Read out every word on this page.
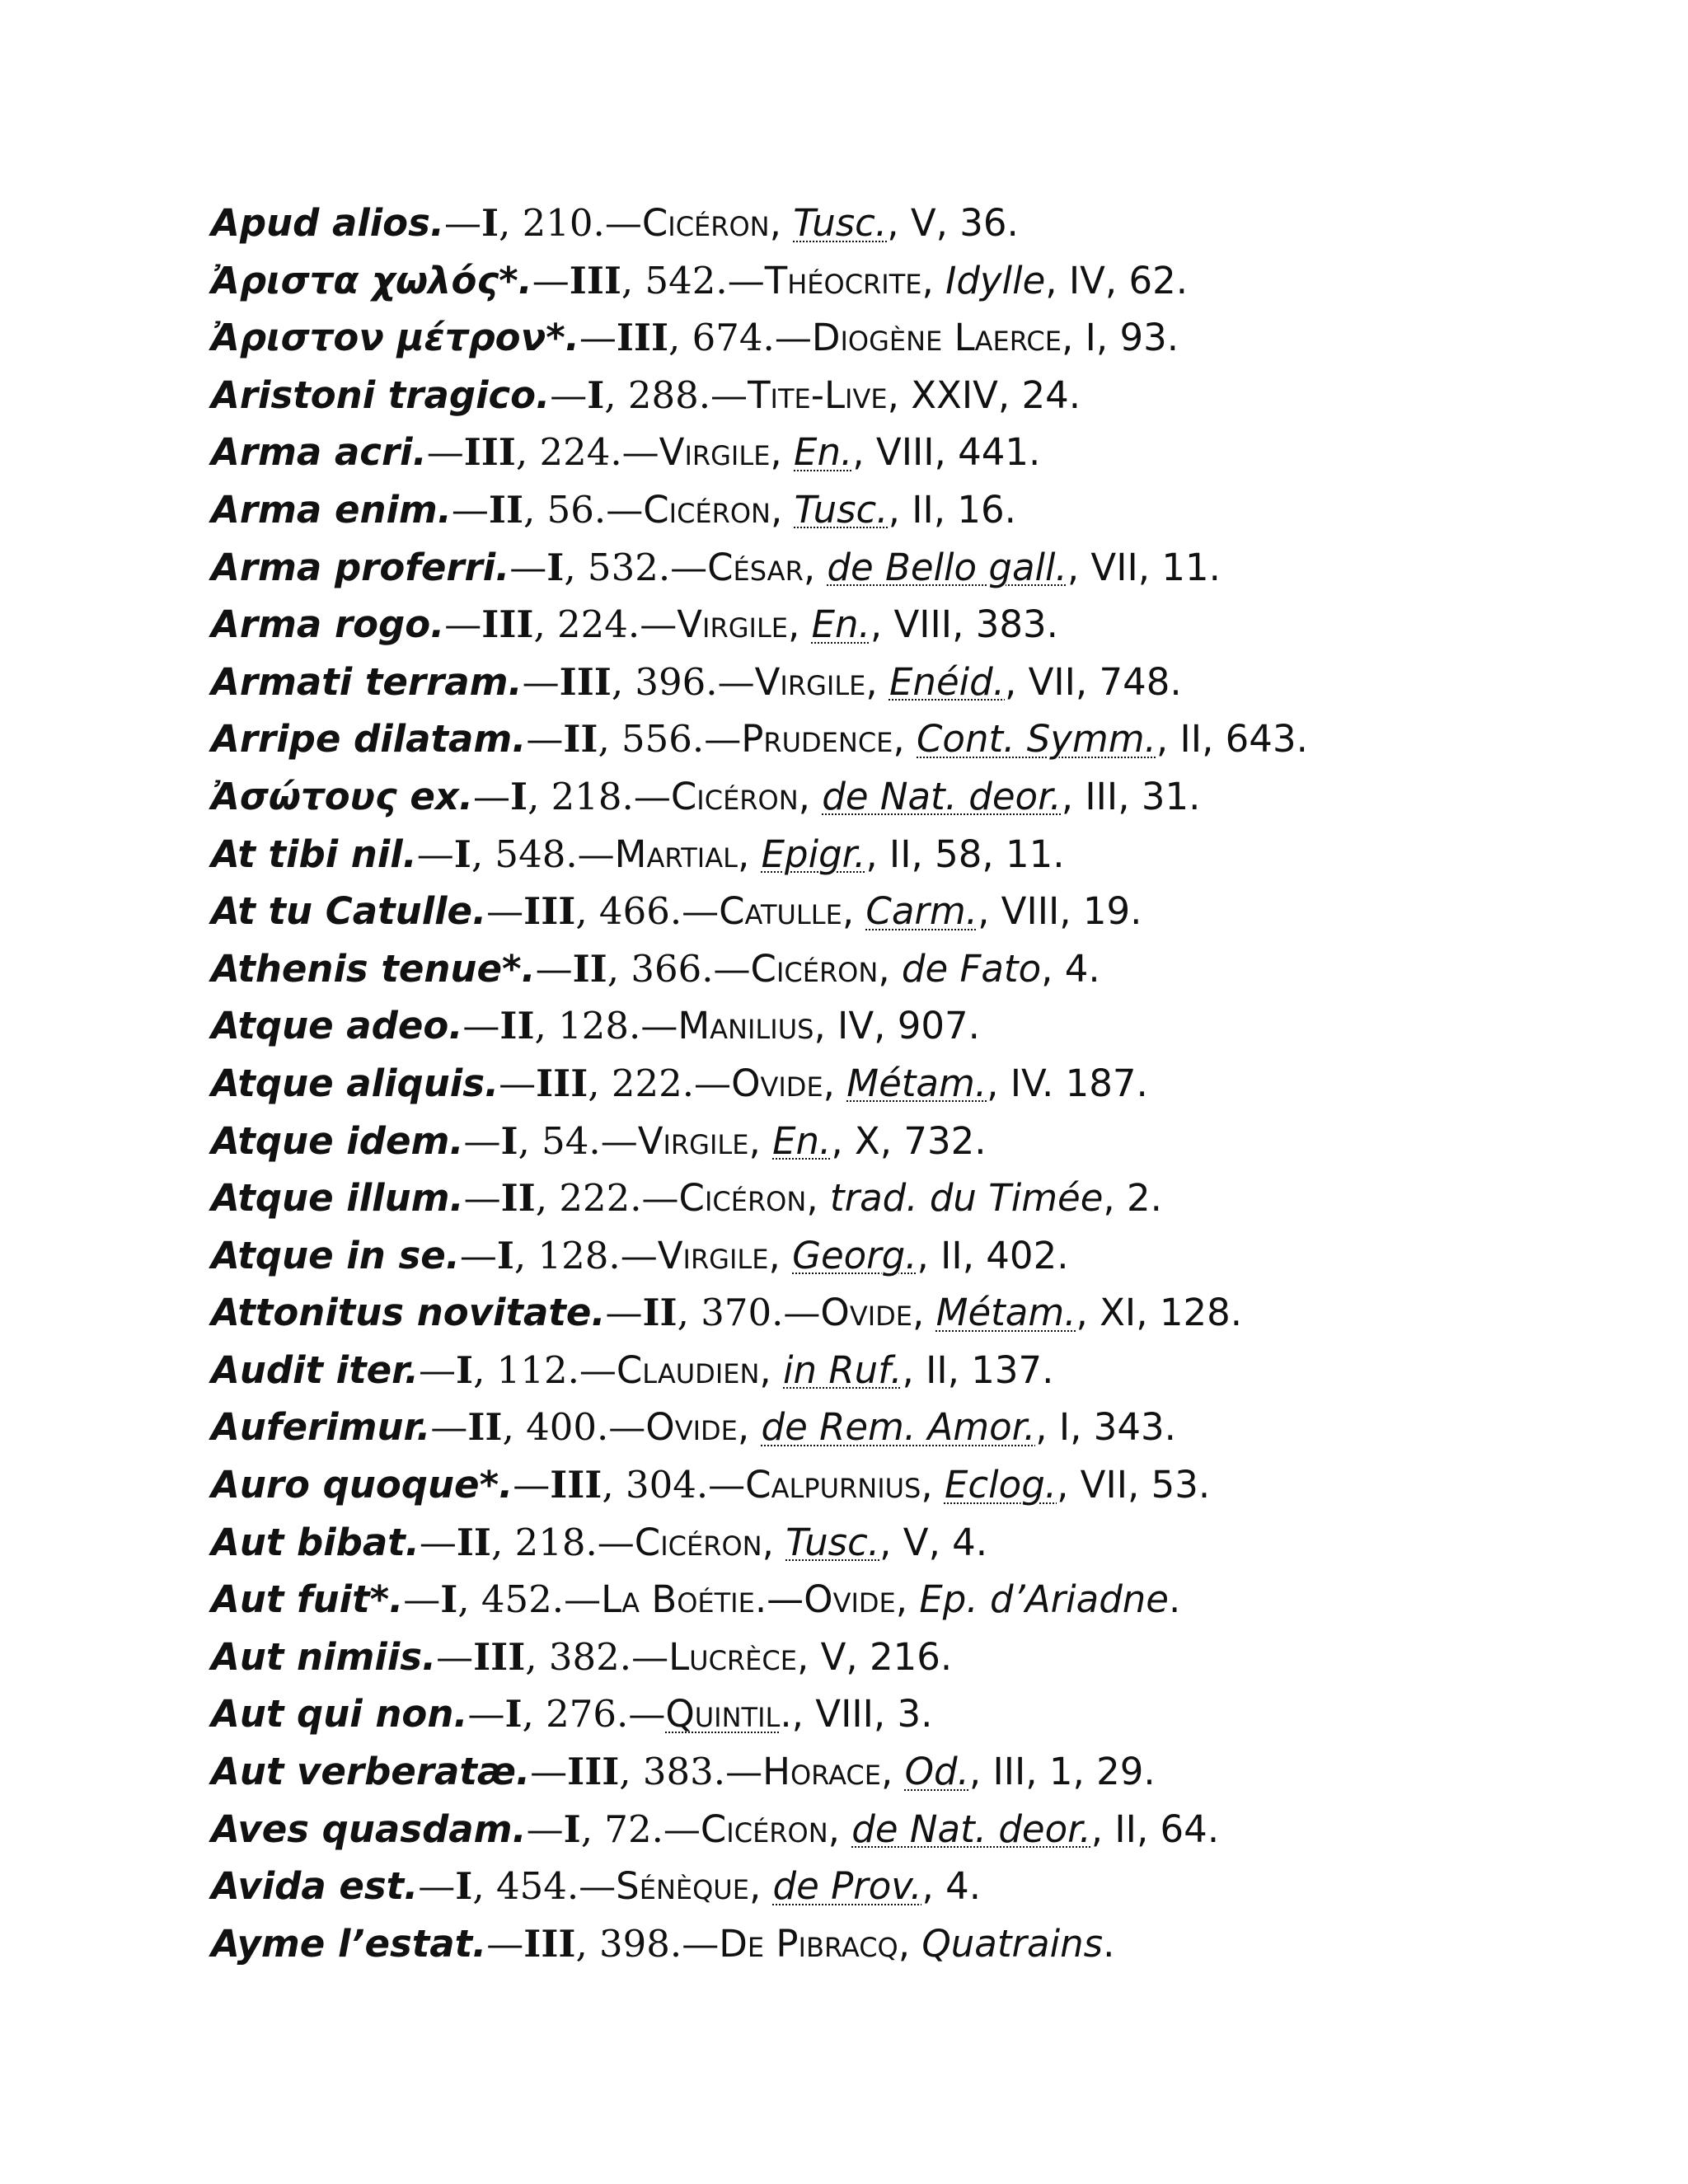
Apud alios.—I, 210.—Cicéron, Tusc., V, 36.
Ἀριστα χωλός*.—III, 542.—Théocrite, Idylle, IV, 62.
Ἀριστον μέτρον*.—III, 674.—Diogène Laerce, I, 93.
Aristoni tragico.—I, 288.—Tite-Live, XXIV, 24.
Arma acri.—III, 224.—Virgile, En., VIII, 441.
Arma enim.—II, 56.—Cicéron, Tusc., II, 16.
Arma proferri.—I, 532.—César, de Bello gall., VII, 11.
Arma rogo.—III, 224.—Virgile, En., VIII, 383.
Armati terram.—III, 396.—Virgile, Enéid., VII, 748.
Arripe dilatam.—II, 556.—Prudence, Cont. Symm., II, 643.
Ἀσώτους ex.—I, 218.—Cicéron, de Nat. deor., III, 31.
At tibi nil.—I, 548.—Martial, Epigr., II, 58, 11.
At tu Catulle.—III, 466.—Catulle, Carm., VIII, 19.
Athenis tenue*.—II, 366.—Cicéron, de Fato, 4.
Atque adeo.—II, 128.—Manilius, IV, 907.
Atque aliquis.—III, 222.—Ovide, Métam., IV. 187.
Atque idem.—I, 54.—Virgile, En., X, 732.
Atque illum.—II, 222.—Cicéron, trad. du Timée, 2.
Atque in se.—I, 128.—Virgile, Georg., II, 402.
Attonitus novitate.—II, 370.—Ovide, Métam., XI, 128.
Audit iter.—I, 112.—Claudien, in Ruf., II, 137.
Auferimur.—II, 400.—Ovide, de Rem. Amor., I, 343.
Auro quoque*.—III, 304.—Calpurnius, Eclog., VII, 53.
Aut bibat.—II, 218.—Cicéron, Tusc., V, 4.
Aut fuit*.—I, 452.—La Boétie.—Ovide, Ep. d’Ariadne.
Aut nimiis.—III, 382.—Lucrèce, V, 216.
Aut qui non.—I, 276.—Quintil., VIII, 3.
Aut verberatæ.—III, 383.—Horace, Od., III, 1, 29.
Aves quasdam.—I, 72.—Cicéron, de Nat. deor., II, 64.
Avida est.—I, 454.—Sénèque, de Prov., 4.
Ayme l’estat.—III, 398.—De Pibracq, Quatrains.
